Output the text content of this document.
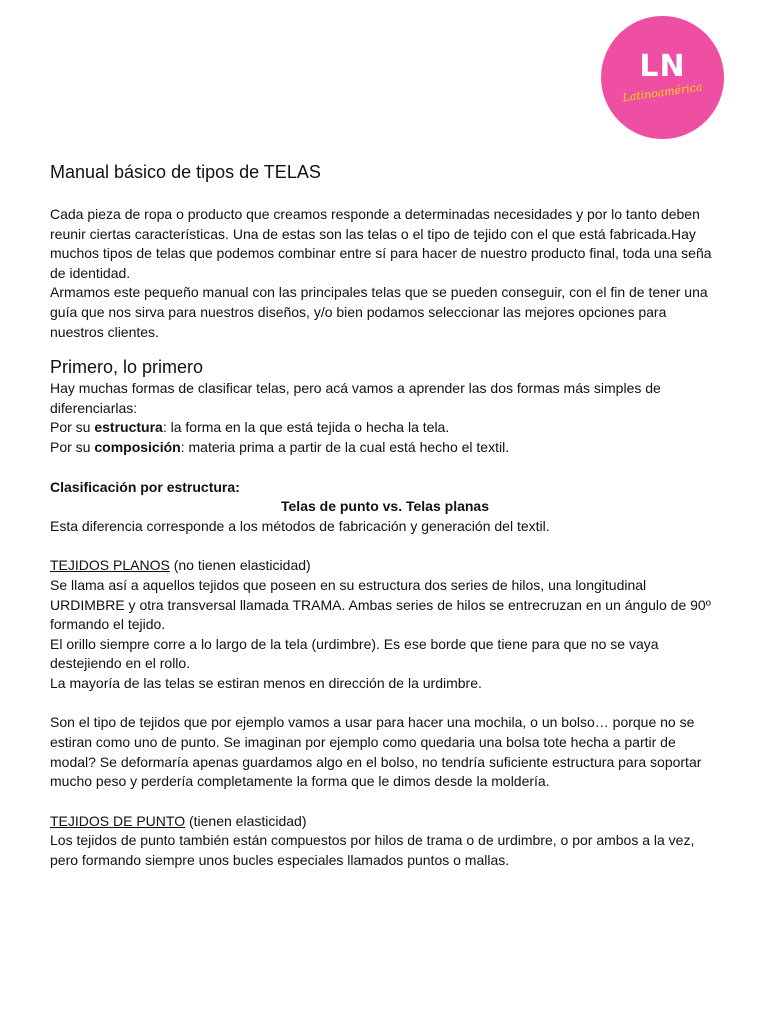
LN
Latinoamérica
Manual básico de tipos de TELAS

Cada pieza de ropa o producto que creamos responde a determinadas necesidades y por lo tanto deben reunir ciertas características. Una de estas son las telas o el tipo de tejido con el que está fabricada.Hay muchos tipos de telas que podemos combinar entre sí para hacer de nuestro producto final, toda una seña de identidad.

Armamos este pequeño manual con las principales telas que se pueden conseguir, con el fin de tener una guía que nos sirva para nuestros diseños, y/o bien podamos seleccionar las mejores opciones para nuestros clientes.

Primero, lo primero

Hay muchas formas de clasificar telas, pero acá vamos a aprender las dos formas más simples de diferenciarlas:

Por su estructura: la forma en la que está tejida o hecha la tela.

Por su composición: materia prima a partir de la cual está hecho el textil.

Clasificación por estructura:

Telas de punto vs. Telas planas

Esta diferencia corresponde a los métodos de fabricación y generación del textil.

TEJIDOS PLANOS (no tienen elasticidad)

Se llama así a aquellos tejidos que poseen en su estructura dos series de hilos, una longitudinal URDIMBRE y otra transversal llamada TRAMA. Ambas series de hilos se entrecruzan en un ángulo de 90º formando el tejido.

El orillo siempre corre a lo largo de la tela (urdimbre). Es ese borde que tiene para que no se vaya destejiendo en el rollo.

La mayoría de las telas se estiran menos en dirección de la urdimbre.

Son el tipo de tejidos que por ejemplo vamos a usar para hacer una mochila, o un bolso… porque no se estiran como uno de punto. Se imaginan por ejemplo como quedaria una bolsa tote hecha a partir de modal? Se deformaría apenas guardamos algo en el bolso, no tendría suficiente estructura para soportar mucho peso y perdería completamente la forma que le dimos desde la moldería.

TEJIDOS DE PUNTO (tienen elasticidad)

Los tejidos de punto también están compuestos por hilos de trama o de urdimbre, o por ambos a la vez, pero formando siempre unos bucles especiales llamados puntos o mallas.
